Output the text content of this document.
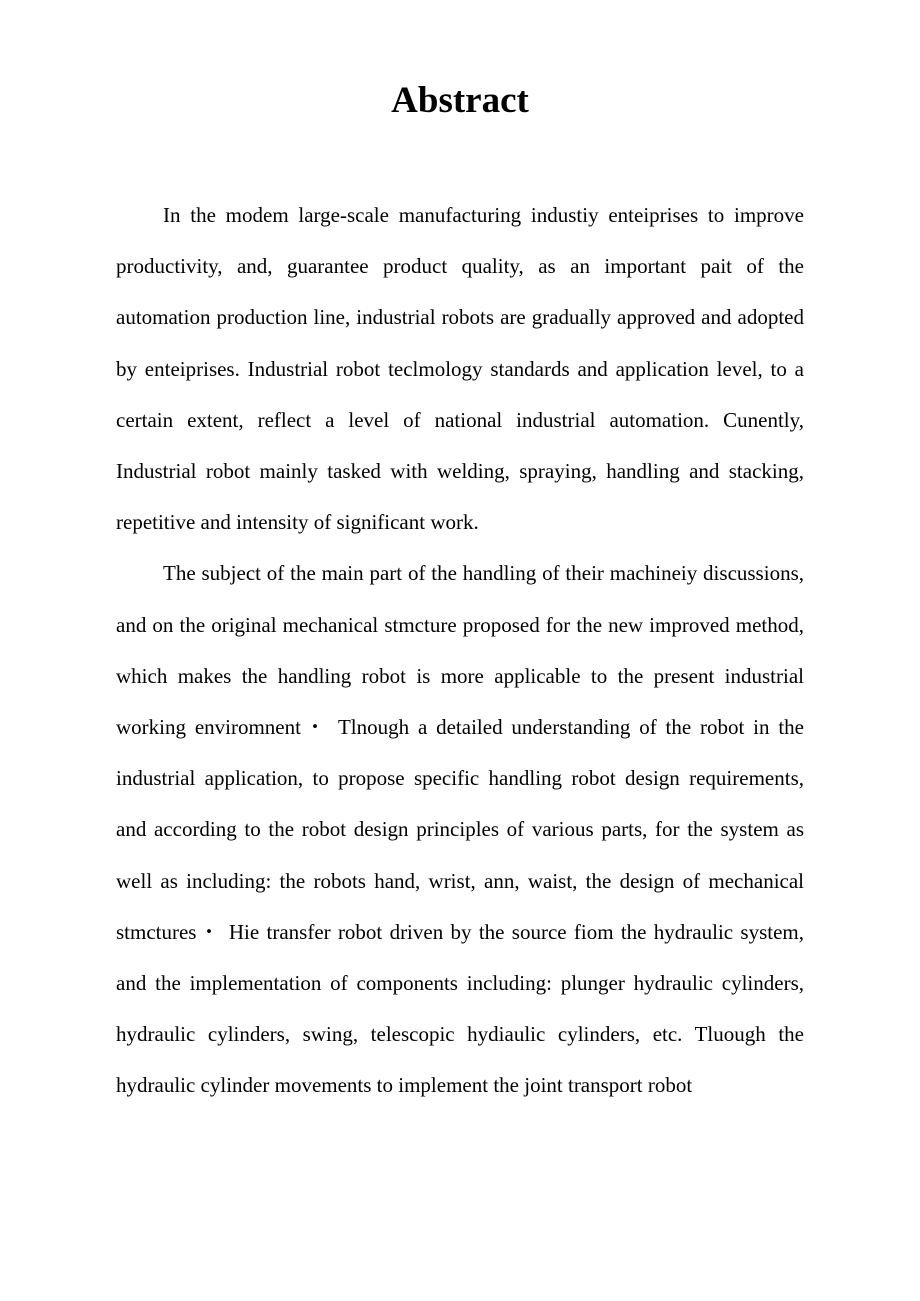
Abstract

In the modem large-scale manufacturing industiy enteiprises to improve productivity, and, guarantee product quality, as an important pait of the automation production line, industrial robots are gradually approved and adopted by enteiprises. Industrial robot teclmology standards and application level, to a certain extent, reflect a level of national industrial automation. Cunently, Industrial robot mainly tasked with welding, spraying, handling and stacking, repetitive and intensity of significant work.

The subject of the main part of the handling of their machineiy discussions, and on the original mechanical stmcture proposed for the new improved method, which makes the handling robot is more applicable to the present industrial working enviromnent・ Tlnough a detailed understanding of the robot in the industrial application, to propose specific handling robot design requirements, and according to the robot design principles of various parts, for the system as well as including: the robots hand, wrist, ann, waist, the design of mechanical stmctures・ Hie transfer robot driven by the source fiom the hydraulic system, and the implementation of components including: plunger hydraulic cylinders, hydraulic cylinders, swing, telescopic hydiaulic cylinders, etc. Tluough the hydraulic cylinder movements to implement the joint transport robot
